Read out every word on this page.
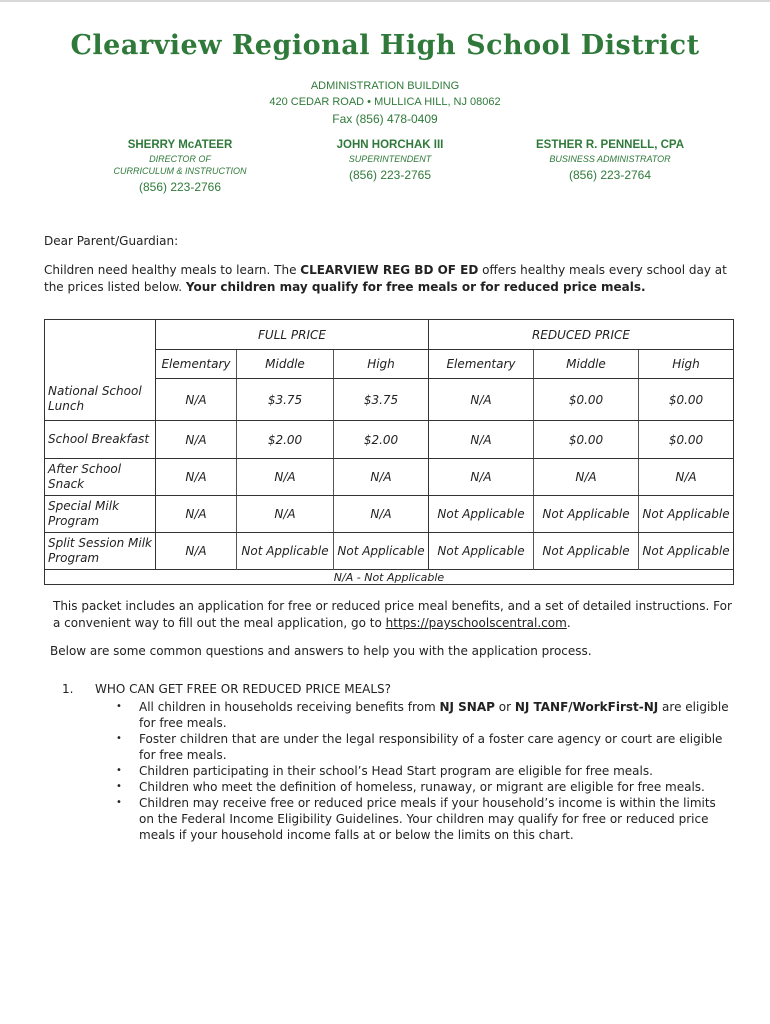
Clearview Regional High School District
ADMINISTRATION BUILDING
420 CEDAR ROAD • MULLICA HILL, NJ 08062
Fax (856) 478-0409
SHERRY McATEER
DIRECTOR OF
CURRICULUM & INSTRUCTION
(856) 223-2766
JOHN HORCHAK III
SUPERINTENDENT
(856) 223-2765
ESTHER R. PENNELL, CPA
BUSINESS ADMINISTRATOR
(856) 223-2764
Dear Parent/Guardian:
Children need healthy meals to learn. The CLEARVIEW REG BD OF ED offers healthy meals every school day at the prices listed below. Your children may qualify for free meals or for reduced price meals.
	FULL PRICE			REDUCED PRICE		
	Elementary	Middle	High	Elementary	Middle	High
National School Lunch	N/A	$3.75	$3.75	N/A	$0.00	$0.00
School Breakfast	N/A	$2.00	$2.00	N/A	$0.00	$0.00
After School Snack	N/A	N/A	N/A	N/A	N/A	N/A
Special Milk Program	N/A	N/A	N/A	Not Applicable	Not Applicable	Not Applicable
Split Session Milk Program	N/A	Not Applicable	Not Applicable	Not Applicable	Not Applicable	Not Applicable
N/A - Not Applicable						
This packet includes an application for free or reduced price meal benefits, and a set of detailed instructions. For a convenient way to fill out the meal application, go to https://payschoolscentral.com.
Below are some common questions and answers to help you with the application process.
1. WHO CAN GET FREE OR REDUCED PRICE MEALS?
• All children in households receiving benefits from NJ SNAP or NJ TANF/WorkFirst-NJ are eligible for free meals.
• Foster children that are under the legal responsibility of a foster care agency or court are eligible for free meals.
• Children participating in their school’s Head Start program are eligible for free meals.
• Children who meet the definition of homeless, runaway, or migrant are eligible for free meals.
• Children may receive free or reduced price meals if your household’s income is within the limits on the Federal Income Eligibility Guidelines. Your children may qualify for free or reduced price meals if your household income falls at or below the limits on this chart.
